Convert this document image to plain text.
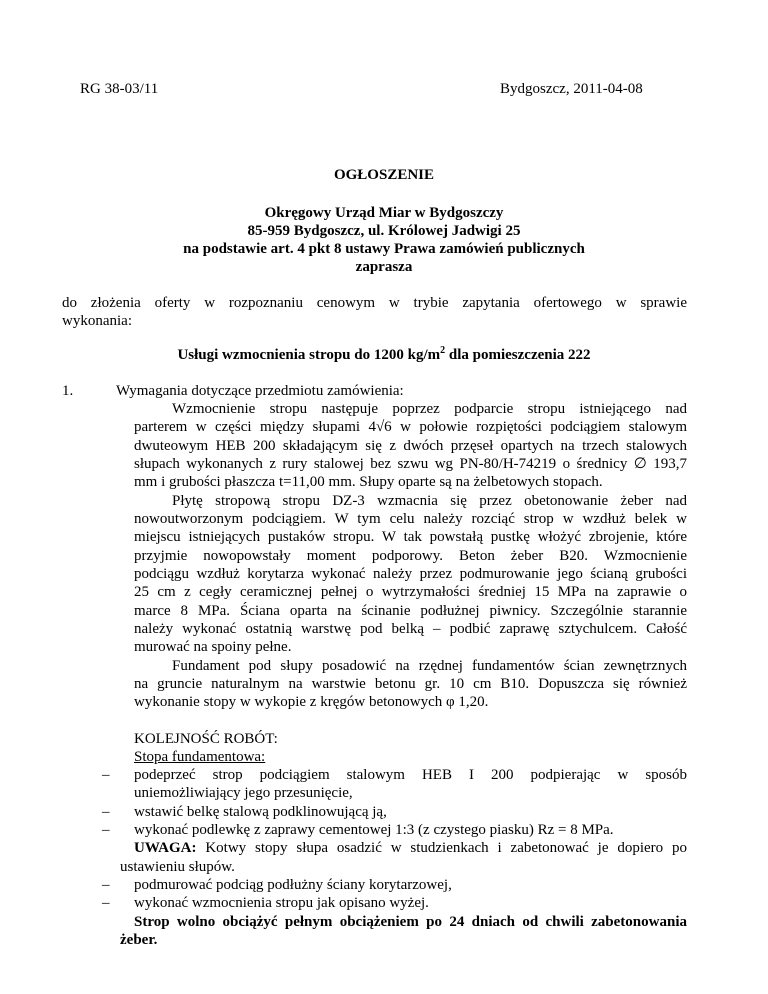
RG 38-03/11	Bydgoszcz, 2011-04-08
OGŁOSZENIE
Okręgowy Urząd Miar w Bydgoszczy
85-959 Bydgoszcz, ul. Królowej Jadwigi 25
na podstawie art. 4 pkt 8 ustawy Prawa zamówień publicznych
zaprasza
do złożenia oferty w rozpoznaniu cenowym w trybie zapytania ofertowego w sprawie
wykonania:
Usługi wzmocnienia stropu do 1200 $kg/m^2$ dla pomieszczenia 222
1.	Wymagania dotyczące przedmiotu zamówienia:
Wzmocnienie stropu następuje poprzez podparcie stropu istniejącego nad
parterem w części między słupami 4√6 w połowie rozpiętości podciągiem stalowym
dwuteowym HEB 200 składającym się z dwóch przęseł opartych na trzech stalowych
słupach wykonanych z rury stalowej bez szwu wg PN-80/H-74219 o średnicy ∅ 193,7
mm i grubości płaszcza t=11,00 mm. Słupy oparte są na żelbetowych stopach.
Płytę stropową stropu DZ-3 wzmacnia się przez obetonowanie żeber nad
nowoutworzonym podciągiem. W tym celu należy rozciąć strop w wzdłuż belek w
miejscu istniejących pustaków stropu. W tak powstałą pustkę włożyć zbrojenie, które
przyjmie nowopowstały moment podporowy. Beton żeber B20. Wzmocnienie
podciągu wzdłuż korytarza wykonać należy przez podmurowanie jego ścianą grubości
25 cm z cegły ceramicznej pełnej o wytrzymałości średniej 15 MPa na zaprawie o
marce 8 MPa. Ściana oparta na ścinanie podłużnej piwnicy. Szczególnie starannie
należy wykonać ostatnią warstwę pod belką – podbić zaprawę sztychulcem. Całość
murować na spoiny pełne.
Fundament pod słupy posadowić na rzędnej fundamentów ścian zewnętrznych
na gruncie naturalnym na warstwie betonu gr. 10 cm B10. Dopuszcza się również
wykonanie stopy w wykopie z kręgów betonowych φ 1,20.
KOLEJNOŚĆ ROBÓT:
Stopa fundamentowa:
– podeprzeć strop podciągiem stalowym HEB I 200 podpierając w sposób
uniemożliwiający jego przesunięcie,
– wstawić belkę stalową podklinowującą ją,
– wykonać podlewkę z zaprawy cementowej 1:3 (z czystego piasku) Rz = 8 MPa.
UWAGA: Kotwy stopy słupa osadzić w studzienkach i zabetonować je dopiero po
ustawieniu słupów.
– podmurować podciąg podłużny ściany korytarzowej,
– wykonać wzmocnienia stropu jak opisano wyżej.
Strop wolno obciążyć pełnym obciążeniem po 24 dniach od chwili zabetonowania
żeber.
